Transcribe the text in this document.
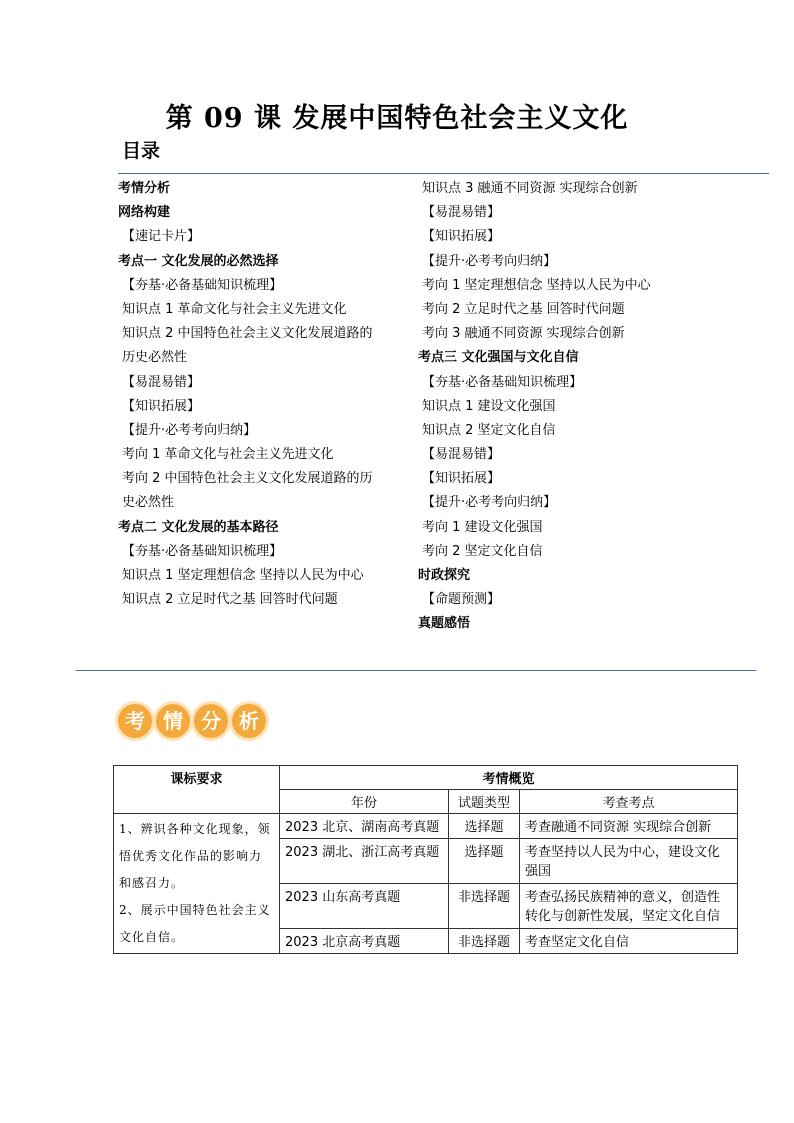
第 09 课 发展中国特色社会主义文化
目录
考情分析
网络构建
【速记卡片】
考点一 文化发展的必然选择
【夯基·必备基础知识梳理】
知识点 1 革命文化与社会主义先进文化
知识点 2 中国特色社会主义文化发展道路的历史必然性
【易混易错】
【知识拓展】
【提升·必考考向归纳】
考向 1 革命文化与社会主义先进文化
考向 2 中国特色社会主义文化发展道路的历史必然性
考点二 文化发展的基本路径
【夯基·必备基础知识梳理】
知识点 1 坚定理想信念 坚持以人民为中心
知识点 2 立足时代之基 回答时代问题
知识点 3 融通不同资源 实现综合创新
【易混易错】
【知识拓展】
【提升·必考考向归纳】
考向 1 坚定理想信念 坚持以人民为中心
考向 2 立足时代之基 回答时代问题
考向 3 融通不同资源 实现综合创新
考点三 文化强国与文化自信
【夯基·必备基础知识梳理】
知识点 1 建设文化强国
知识点 2 坚定文化自信
【易混易错】
【知识拓展】
【提升·必考考向归纳】
考向 1 建设文化强国
考向 2 坚定文化自信
时政探究
【命题预测】
真题感悟
考 情 分 析
课标要求	考情概览		
	年份	试题类型	考查考点
1、辨识各种文化现象，领悟优秀文化作品的影响力和感召力。
2、展示中国特色社会主义文化自信。	2023 北京、湖南高考真题	选择题	考查融通不同资源 实现综合创新
	2023 湖北、浙江高考真题	选择题	考查坚持以人民为中心，建设文化强国
	2023 山东高考真题	非选择题	考查弘扬民族精神的意义，创造性转化与创新性发展，坚定文化自信
	2023 北京高考真题	非选择题	考查坚定文化自信
